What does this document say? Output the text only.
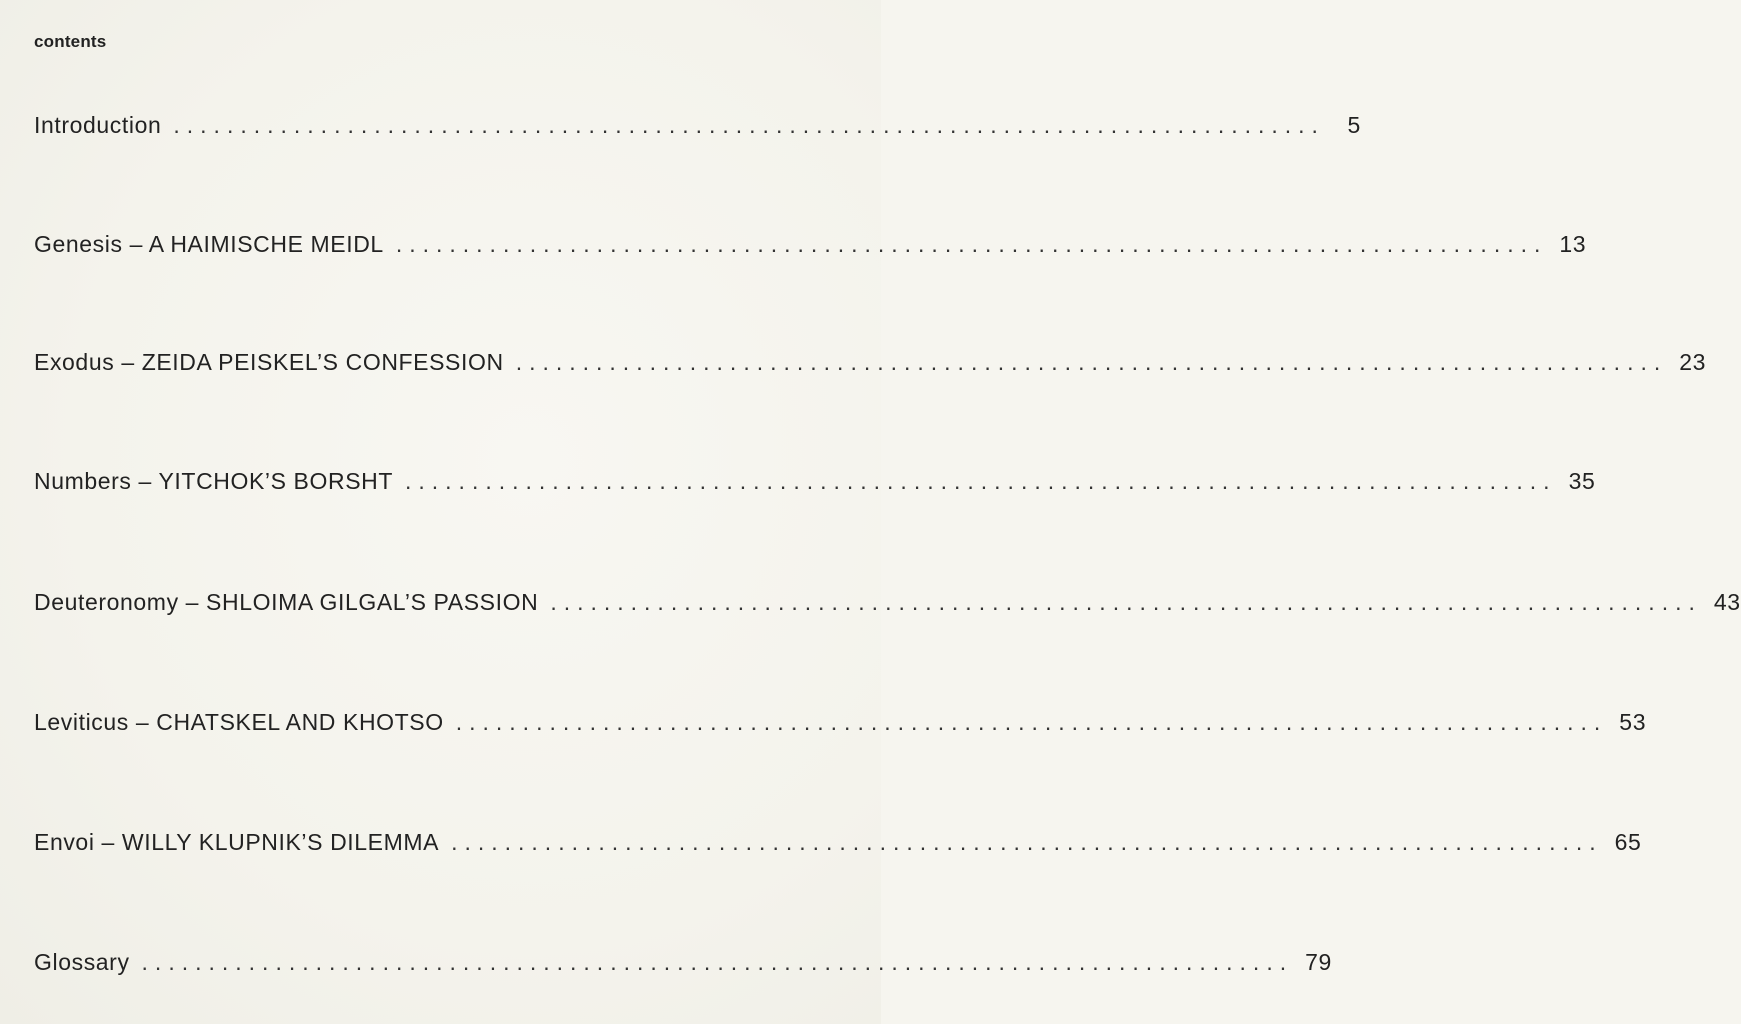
contents
Introduction ...................................................................................... 5
Genesis – A HAIMISCHE MEIDL ...................................................................................... 13
Exodus – ZEIDA PEISKEL’S CONFESSION ...................................................................................... 23
Numbers – YITCHOK’S BORSHT ...................................................................................... 35
Deuteronomy – SHLOIMA GILGAL’S PASSION ...................................................................................... 43
Leviticus – CHATSKEL AND KHOTSO ...................................................................................... 53
Envoi – WILLY KLUPNIK’S DILEMMA ...................................................................................... 65
Glossary ...................................................................................... 79
